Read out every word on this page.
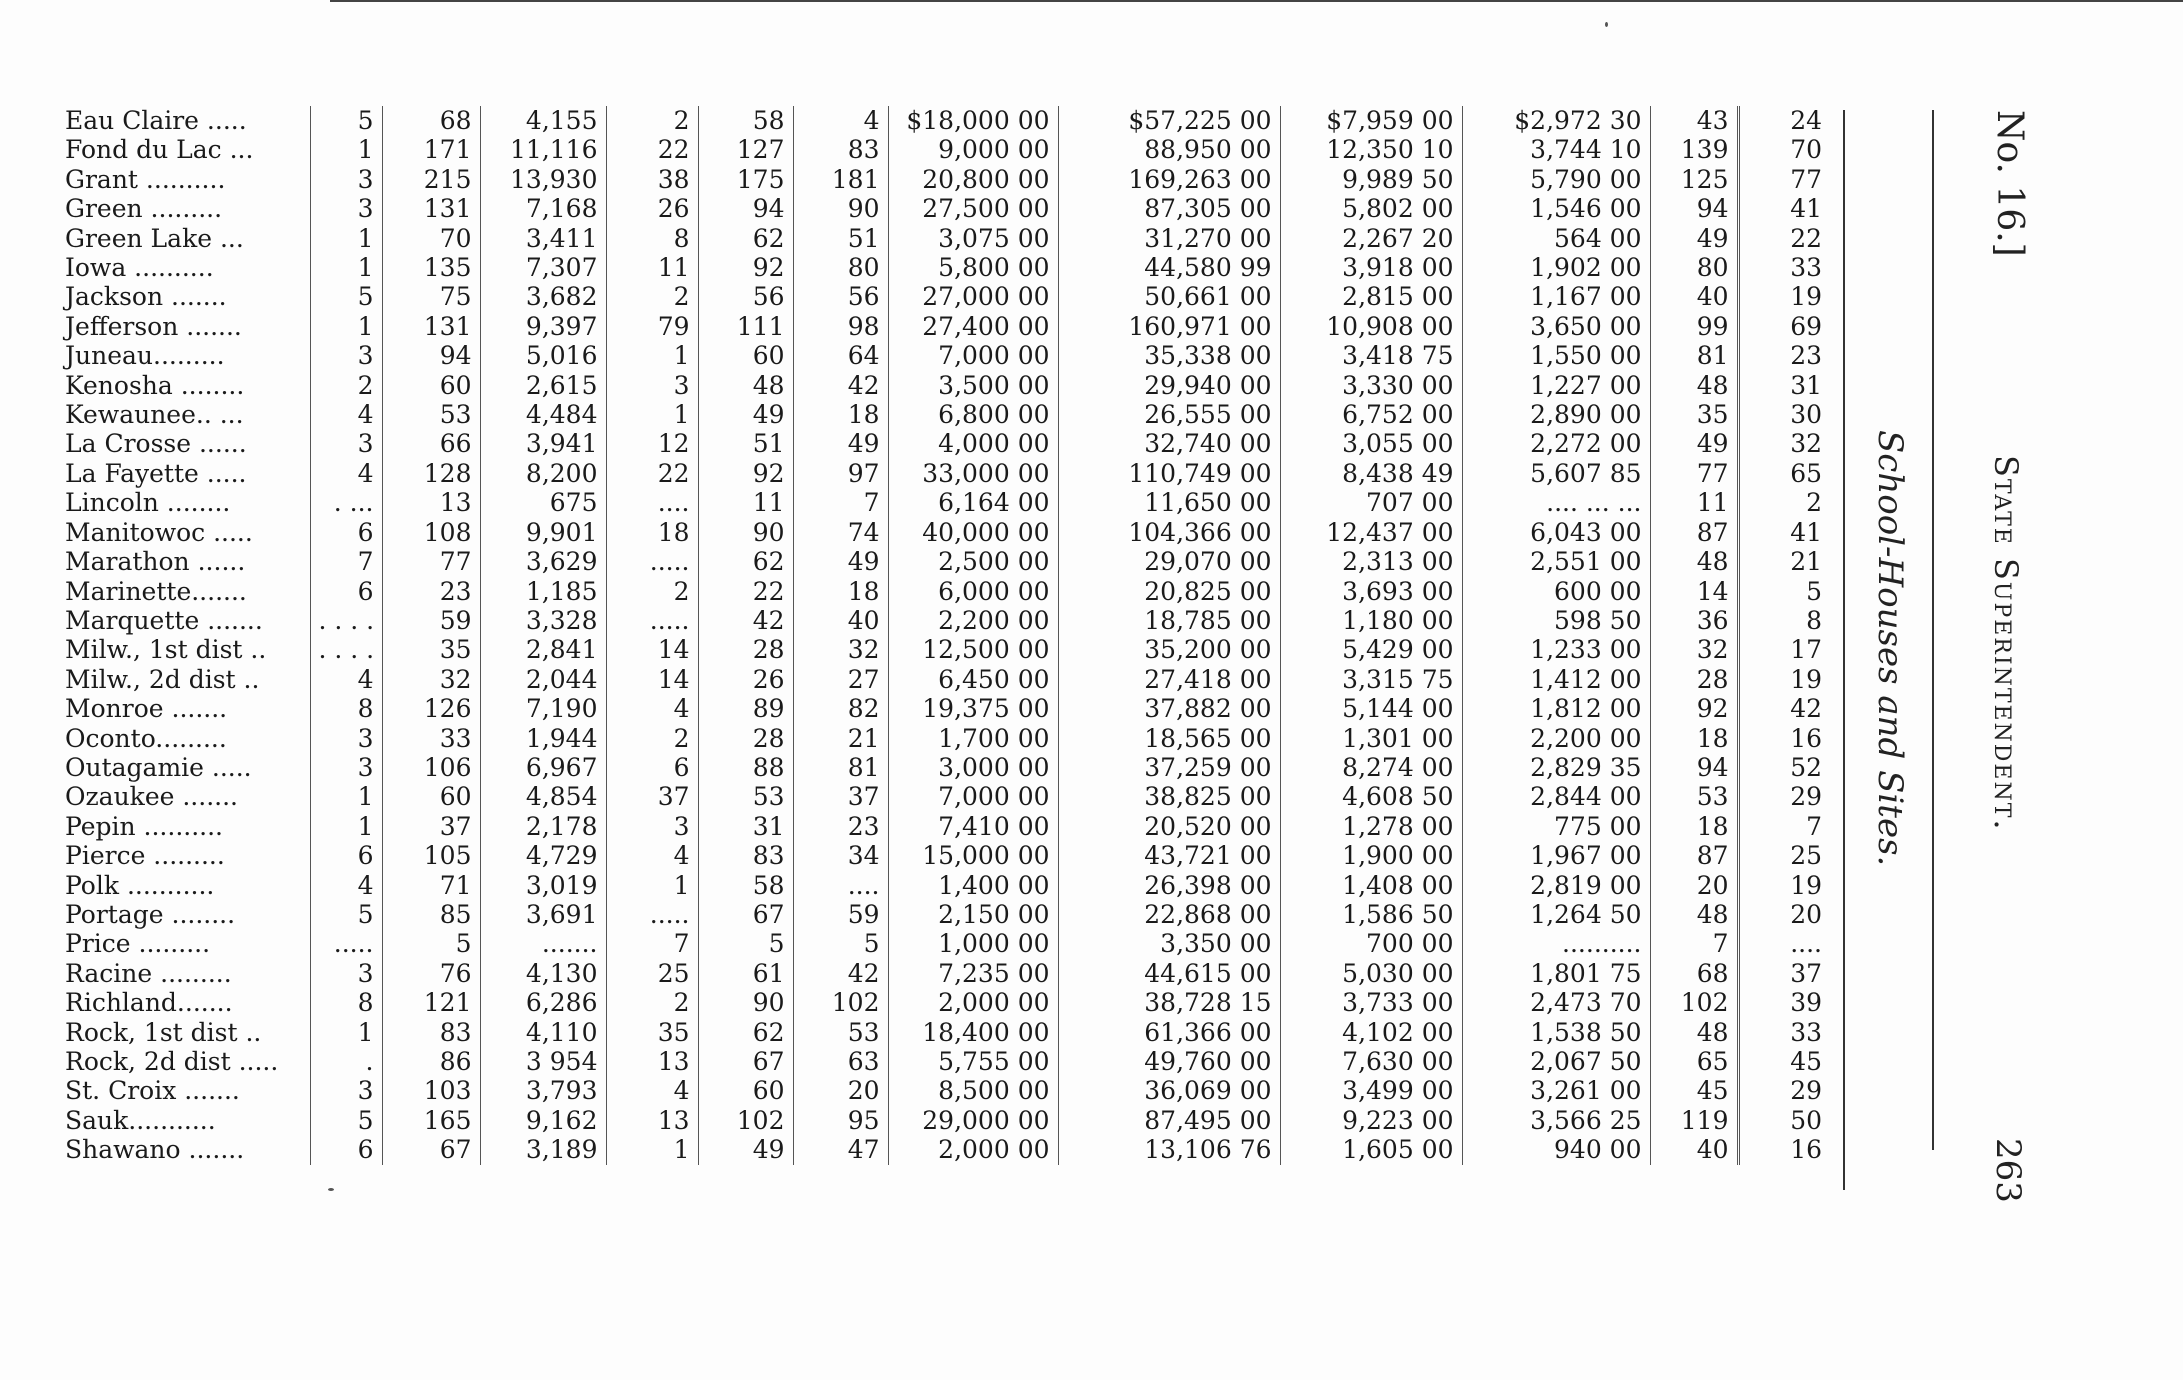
Eau Claire .....	5	68	4,155	2	58	4	$18,000 00	$57,225 00	$7,959 00	$2,972 30	43	24
Fond du Lac ...	1	171	11,116	22	127	83	9,000 00	88,950 00	12,350 10	3,744 10	139	70
Grant ..........	3	215	13,930	38	175	181	20,800 00	169,263 00	9,989 50	5,790 00	125	77
Green .........	3	131	7,168	26	94	90	27,500 00	87,305 00	5,802 00	1,546 00	94	41
Green Lake ...	1	70	3,411	8	62	51	3,075 00	31,270 00	2,267 20	564 00	49	22
Iowa ..........	1	135	7,307	11	92	80	5,800 00	44,580 99	3,918 00	1,902 00	80	33
Jackson .......	5	75	3,682	2	56	56	27,000 00	50,661 00	2,815 00	1,167 00	40	19
Jefferson .......	1	131	9,397	79	111	98	27,400 00	160,971 00	10,908 00	3,650 00	99	69
Juneau.........	3	94	5,016	1	60	64	7,000 00	35,338 00	3,418 75	1,550 00	81	23
Kenosha ........	2	60	2,615	3	48	42	3,500 00	29,940 00	3,330 00	1,227 00	48	31
Kewaunee.. ...	4	53	4,484	1	49	18	6,800 00	26,555 00	6,752 00	2,890 00	35	30
La Crosse ......	3	66	3,941	12	51	49	4,000 00	32,740 00	3,055 00	2,272 00	49	32
La Fayette .....	4	128	8,200	22	92	97	33,000 00	110,749 00	8,438 49	5,607 85	77	65
Lincoln ........	. ...	13	675	....	11	7	6,164 00	11,650 00	707 00	.... ... ...	11	2
Manitowoc .....	6	108	9,901	18	90	74	40,000 00	104,366 00	12,437 00	6,043 00	87	41
Marathon ......	7	77	3,629	.....	62	49	2,500 00	29,070 00	2,313 00	2,551 00	48	21
Marinette.......	6	23	1,185	2	22	18	6,000 00	20,825 00	3,693 00	600 00	14	5
Marquette .......	. . . .	59	3,328	.....	42	40	2,200 00	18,785 00	1,180 00	598 50	36	8
Milw., 1st dist ..	. . . .	35	2,841	14	28	32	12,500 00	35,200 00	5,429 00	1,233 00	32	17
Milw., 2d dist ..	4	32	2,044	14	26	27	6,450 00	27,418 00	3,315 75	1,412 00	28	19
Monroe .......	8	126	7,190	4	89	82	19,375 00	37,882 00	5,144 00	1,812 00	92	42
Oconto.........	3	33	1,944	2	28	21	1,700 00	18,565 00	1,301 00	2,200 00	18	16
Outagamie .....	3	106	6,967	6	88	81	3,000 00	37,259 00	8,274 00	2,829 35	94	52
Ozaukee .......	1	60	4,854	37	53	37	7,000 00	38,825 00	4,608 50	2,844 00	53	29
Pepin ..........	1	37	2,178	3	31	23	7,410 00	20,520 00	1,278 00	775 00	18	7
Pierce .........	6	105	4,729	4	83	34	15,000 00	43,721 00	1,900 00	1,967 00	87	25
Polk ...........	4	71	3,019	1	58	....	1,400 00	26,398 00	1,408 00	2,819 00	20	19
Portage ........	5	85	3,691	.....	67	59	2,150 00	22,868 00	1,586 50	1,264 50	48	20
Price .........	.....	5	.......	7	5	5	1,000 00	3,350 00	700 00	..........	7	....
Racine .........	3	76	4,130	25	61	42	7,235 00	44,615 00	5,030 00	1,801 75	68	37
Richland.......	8	121	6,286	2	90	102	2,000 00	38,728 15	3,733 00	2,473 70	102	39
Rock, 1st dist ..	1	83	4,110	35	62	53	18,400 00	61,366 00	4,102 00	1,538 50	48	33
Rock, 2d dist .....	.	86	3 954	13	67	63	5,755 00	49,760 00	7,630 00	2,067 50	65	45
St. Croix .......	3	103	3,793	4	60	20	8,500 00	36,069 00	3,499 00	3,261 00	45	29
Sauk...........	5	165	9,162	13	102	95	29,000 00	87,495 00	9,223 00	3,566 25	119	50
Shawano .......	6	67	3,189	1	49	47	2,000 00	13,106 76	1,605 00	940 00	40	16
No. 16.]
State Superintendent.
School-Houses and Sites.
263
